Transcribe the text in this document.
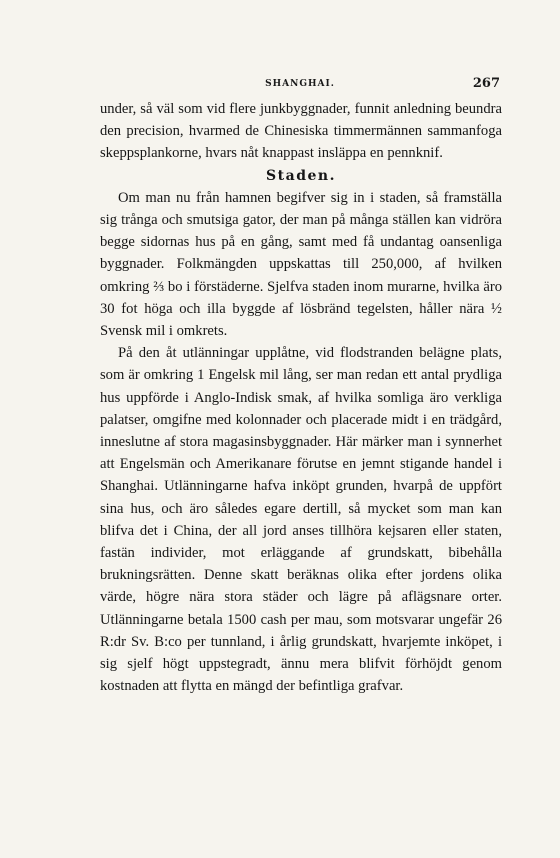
SHANGHAI.	267

under, så väl som vid flere junkbyggnader, funnit anledning beundra den precision, hvarmed de Chinesiska timmermännen sammanfoga skeppsplankorne, hvars nåt knappast insläppa en pennknif.

Staden.

Om man nu från hamnen begifver sig in i staden, så framställa sig trånga och smutsiga gator, der man på många ställen kan vidröra begge sidornas hus på en gång, samt med få undantag oansenliga byggnader. Folkmängden uppskattas till 250,000, af hvilken omkring ⅔ bo i förstäderne. Sjelfva staden inom murarne, hvilka äro 30 fot höga och illa byggde af lösbränd tegelsten, håller nära ½ Svensk mil i omkrets.

På den åt utlänningar upplåtne, vid flodstranden belägne plats, som är omkring 1 Engelsk mil lång, ser man redan ett antal prydliga hus uppförde i Anglo-Indisk smak, af hvilka somliga äro verkliga palatser, omgifne med kolonnader och placerade midt i en trädgård, inneslutne af stora magasinsbyggnader. Här märker man i synnerhet att Engelsmän och Amerikanare förutse en jemnt stigande handel i Shanghai. Utlänningarne hafva inköpt grunden, hvarpå de uppfört sina hus, och äro således egare dertill, så mycket som man kan blifva det i China, der all jord anses tillhöra kejsaren eller staten, fastän individer, mot erläggande af grundskatt, bibehålla brukningsrätten. Denne skatt beräknas olika efter jordens olika värde, högre nära stora städer och lägre på aflägsnare orter. Utlänningarne betala 1500 cash per mau, som motsvarar ungefär 26 R:dr Sv. B:co per tunnland, i årlig grundskatt, hvarjemte inköpet, i sig sjelf högt uppstegradt, ännu mera blifvit förhöjdt genom kostnaden att flytta en mängd der befintliga grafvar.
